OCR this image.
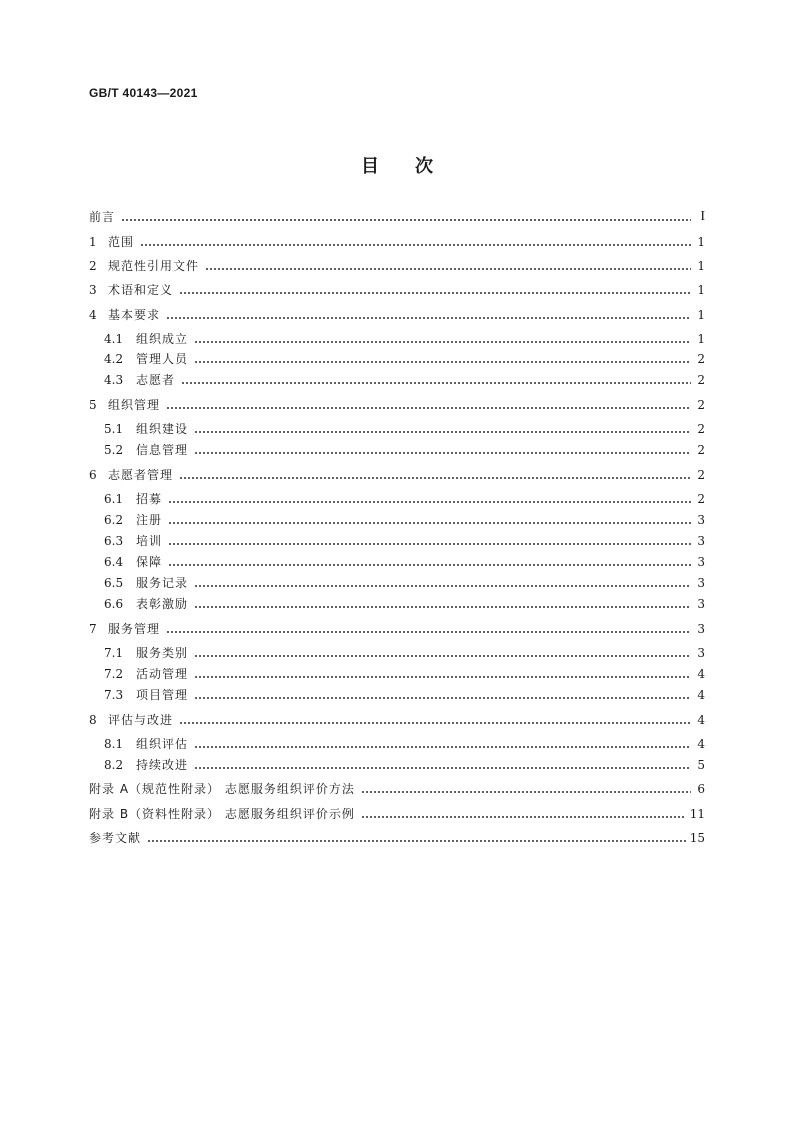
GB/T 40143—2021
目 次
前言	I
1 范围	1
2 规范性引用文件	1
3 术语和定义	1
4 基本要求	1
4.1	组织成立	1
4.2	管理人员	2
4.3	志愿者	2
5 组织管理	2
5.1	组织建设	2
5.2	信息管理	2
6 志愿者管理	2
6.1	招募	2
6.2	注册	3
6.3	培训	3
6.4	保障	3
6.5	服务记录	3
6.6	表彰激励	3
7 服务管理	3
7.1	服务类别	3
7.2	活动管理	4
7.3	项目管理	4
8 评估与改进	4
8.1	组织评估	4
8.2	持续改进	5
附录 A（规范性附录） 志愿服务组织评价方法	6
附录 B（资料性附录） 志愿服务组织评价示例	11
参考文献	15
